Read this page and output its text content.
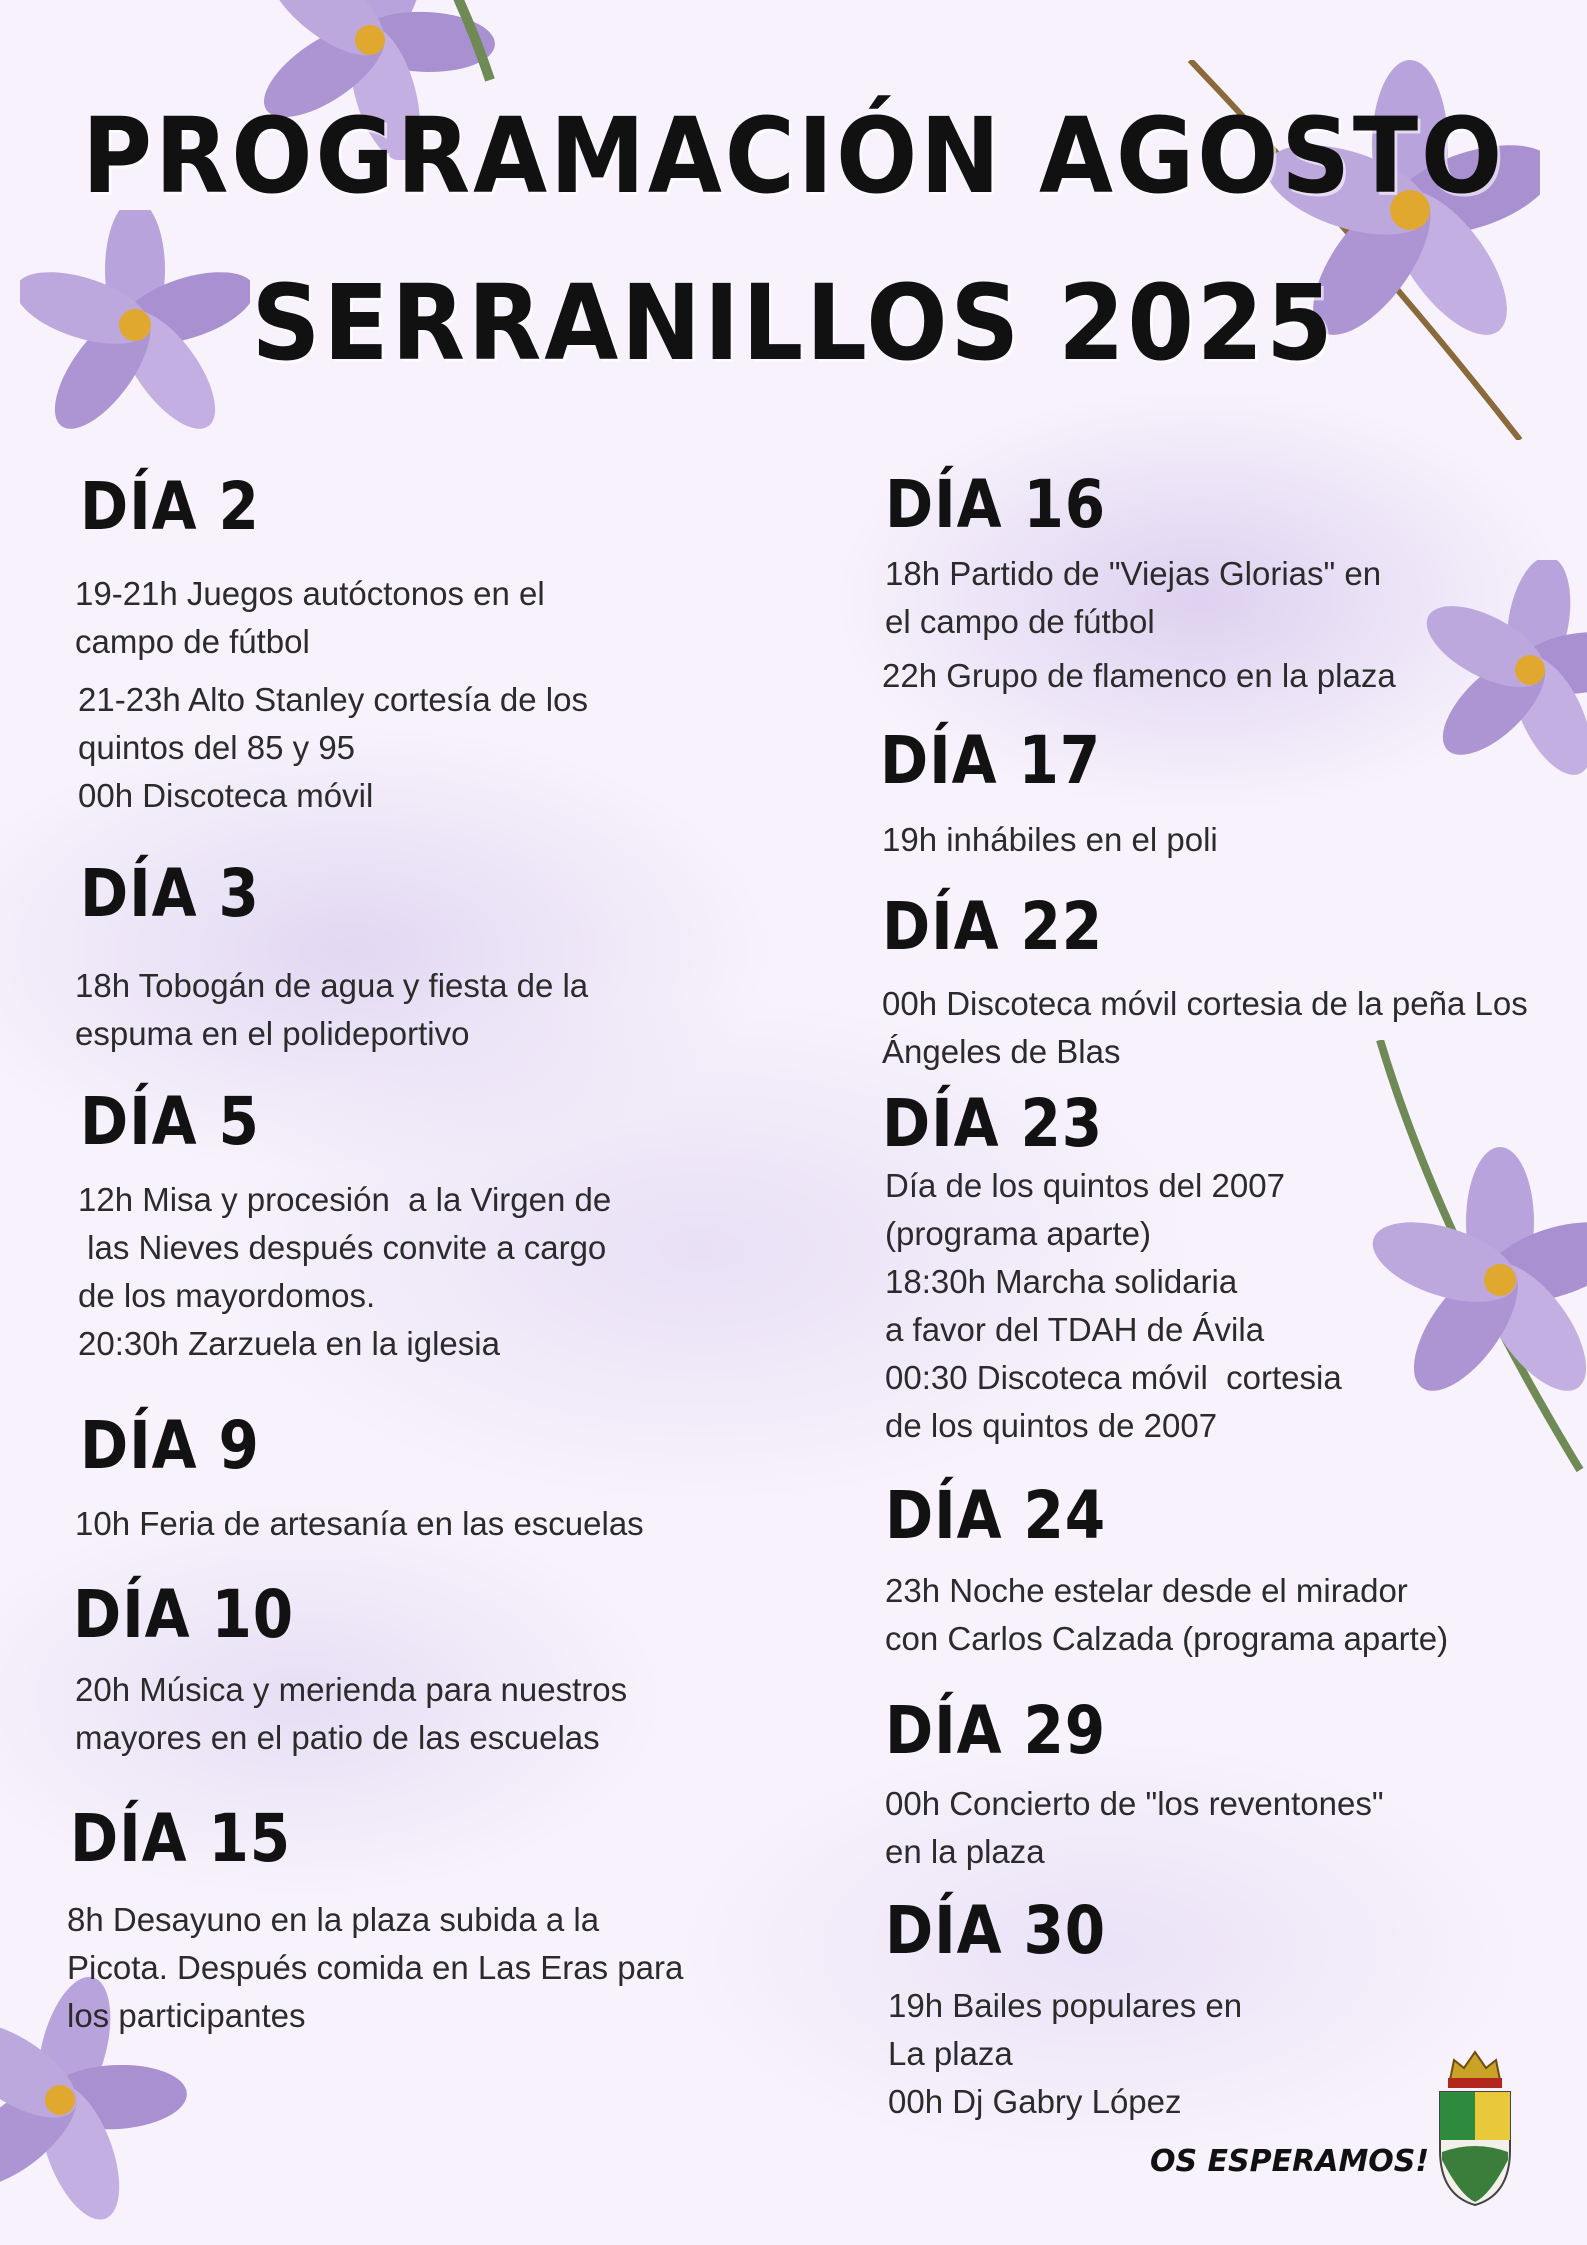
PROGRAMACIÓN AGOSTO
SERRANILLOS 2025
DÍA 2
19-21h Juegos autóctonos en el
campo de fútbol
21-23h Alto Stanley cortesía de los
quintos del 85 y 95
00h Discoteca móvil
DÍA 3
18h Tobogán de agua y fiesta de la
espuma en el polideportivo
DÍA 5
12h Misa y procesión  a la Virgen de
las Nieves después convite a cargo
de los mayordomos.
20:30h Zarzuela en la iglesia
DÍA 9
10h Feria de artesanía en las escuelas
DÍA 10
20h Música y merienda para nuestros
mayores en el patio de las escuelas
DÍA 15
8h Desayuno en la plaza subida a la
Picota. Después comida en Las Eras para
los participantes
DÍA 16
18h Partido de "Viejas Glorias" en
el campo de fútbol
22h Grupo de flamenco en la plaza
DÍA 17
19h inhábiles en el poli
DÍA 22
00h Discoteca móvil cortesia de la peña Los
Ángeles de Blas
DÍA 23
Día de los quintos del 2007
(programa aparte)
18:30h Marcha solidaria
a favor del TDAH de Ávila
00:30 Discoteca móvil  cortesia
de los quintos de 2007
DÍA 24
23h Noche estelar desde el mirador
con Carlos Calzada (programa aparte)
DÍA 29
00h Concierto de "los reventones"
en la plaza
DÍA 30
19h Bailes populares en
La plaza
00h Dj Gabry López
OS ESPERAMOS!
